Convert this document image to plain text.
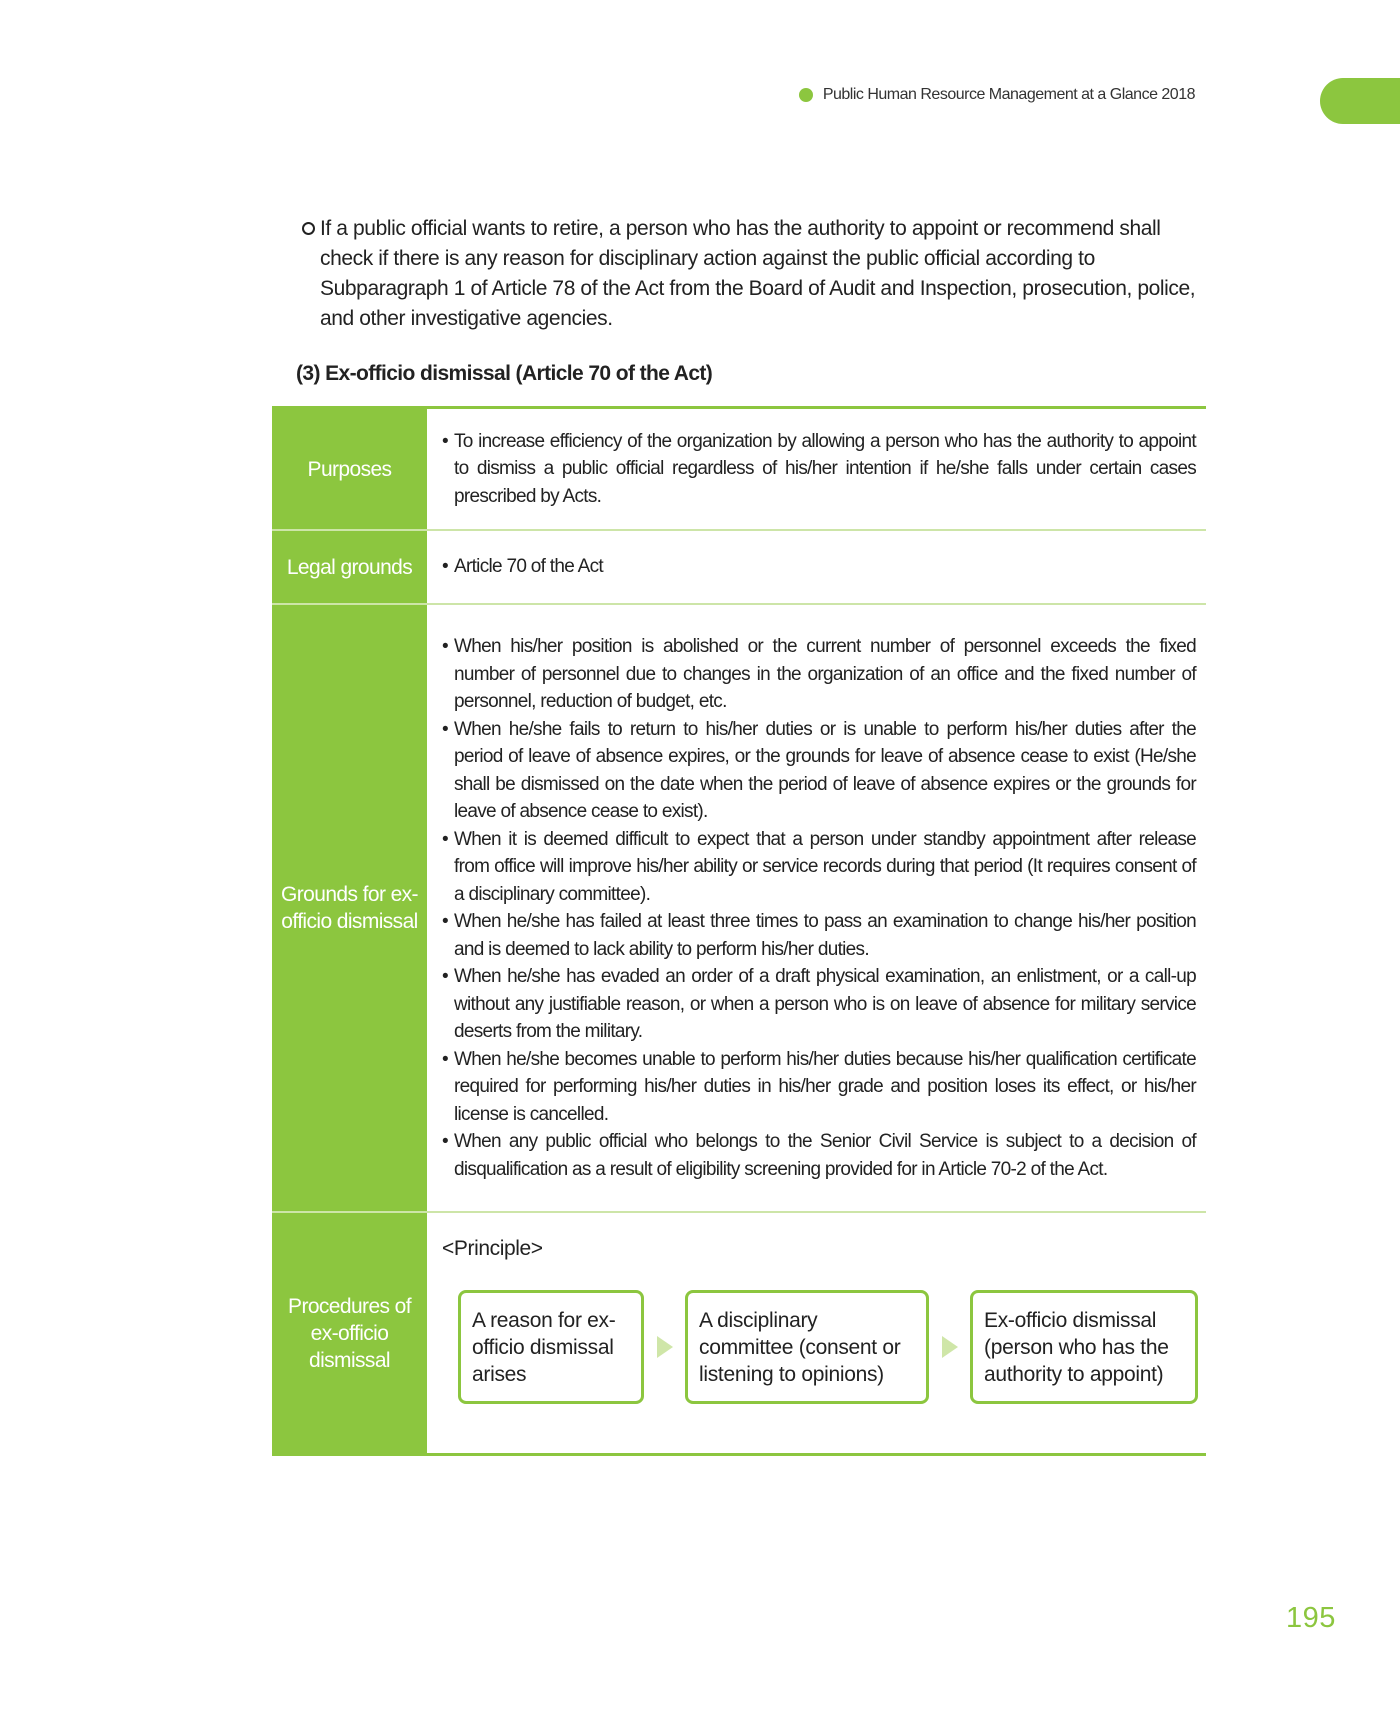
Public Human Resource Management at a Glance 2018
If a public official wants to retire, a person who has the authority to appoint or recommend shall check if there is any reason for disciplinary action against the public official according to Subparagraph 1 of Article 78 of the Act from the Board of Audit and Inspection, prosecution, police, and other investigative agencies.
(3) Ex-officio dismissal (Article 70 of the Act)
Purposes
• To increase efficiency of the organization by allowing a person who has the authority to appoint to dismiss a public official regardless of his/her intention if he/she falls under certain cases prescribed by Acts.
Legal grounds
•	Article 70 of the Act
Grounds for ex-officio dismissal
• When his/her position is abolished or the current number of personnel exceeds the fixed number of personnel due to changes in the organization of an office and the fixed number of personnel, reduction of budget, etc.
• When he/she fails to return to his/her duties or is unable to perform his/her duties after the period of leave of absence expires, or the grounds for leave of absence cease to exist (He/she shall be dismissed on the date when the period of leave of absence expires or the grounds for leave of absence cease to exist).
• When it is deemed difficult to expect that a person under standby appointment after release from office will improve his/her ability or service records during that period (It requires consent of a disciplinary committee).
• When he/she has failed at least three times to pass an examination to change his/her position and is deemed to lack ability to perform his/her duties.
• When he/she has evaded an order of a draft physical examination, an enlistment, or a call-up without any justifiable reason, or when a person who is on leave of absence for military service deserts from the military.
• When he/she becomes unable to perform his/her duties because his/her qualification certificate required for performing his/her duties in his/her grade and position loses its effect, or his/her license is cancelled.
• When any public official who belongs to the Senior Civil Service is subject to a decision of disqualification as a result of eligibility screening provided for in Article 70-2 of the Act.
Procedures of ex-officio dismissal
<Principle>
A reason for ex-officio dismissal arises
A disciplinary committee (consent or listening to opinions)
Ex-officio dismissal (person who has the authority to appoint)
195
